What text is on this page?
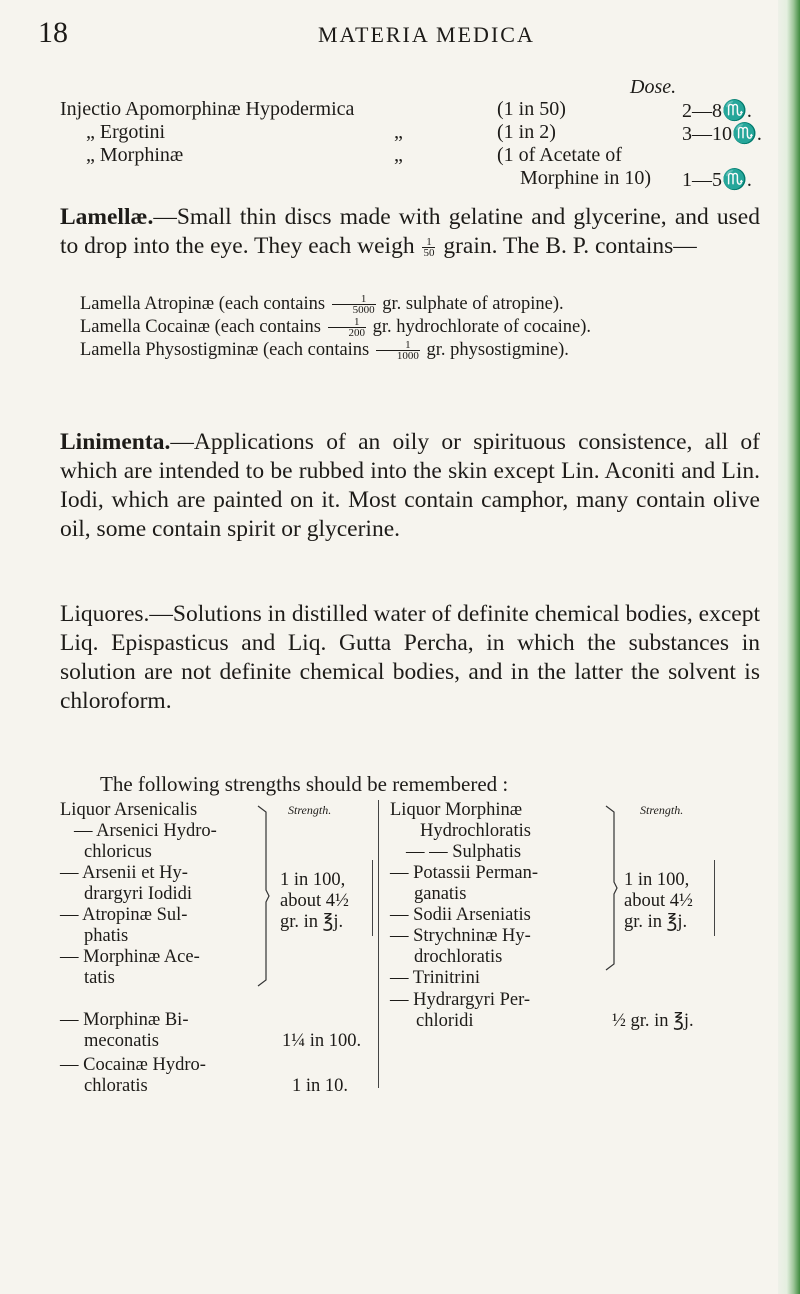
18	MATERIA MEDICA
Dose.
Injectio Apomorphinæ Hypodermica	(1 in 50)	2—8♏.
„ Ergotini	„	(1 in 2)	3—10♏.
„ Morphinæ	„	(1 of Acetate of
Morphine in 10) 1—5♏.
Lamellæ.—Small thin discs made with gelatine and glycerine, and used to drop into the eye. They each weigh $\frac{1}{50}$ grain. The B. P. contains—
Lamella Atropinæ (each contains $\frac{1}{5000}$ gr. sulphate of atropine).
Lamella Cocainæ (each contains $\frac{1}{200}$ gr. hydrochlorate of cocaine).
Lamella Physostigminæ (each contains $\frac{1}{1000}$ gr. physostigmine).
Linimenta.—Applications of an oily or spirituous consistence, all of which are intended to be rubbed into the skin except Lin. Aconiti and Lin. Iodi, which are painted on it. Most contain camphor, many contain olive oil, some contain spirit or glycerine.
Liquores.—Solutions in distilled water of definite chemical bodies, except Liq. Epispasticus and Liq. Gutta Percha, in which the substances in solution are not definite chemical bodies, and in the latter the solvent is chloroform.
The following strengths should be remembered :
Liquor Arsenicalis
— Arsenici Hydro-
chloricus
— Arsenii et Hy-
drargyri Iodidi
— Atropinæ Sul-
phatis
— Morphinæ Ace-
tatis
Strength.
1 in 100,
about 4½
gr. in ℥j.
— Morphinæ Bi-
meconatis	1¼ in 100.
— Cocainæ Hydro-
chloratis	1 in 10.
Liquor Morphinæ
Hydrochloratis
— — Sulphatis
— Potassii Perman-
ganatis
— Sodii Arseniatis
— Strychninæ Hy-
drochloratis
— Trinitrini
Strength.
1 in 100,
about 4½
gr. in ℥j.
— Hydrargyri Per-
chloridi	½ gr. in ℥j.
